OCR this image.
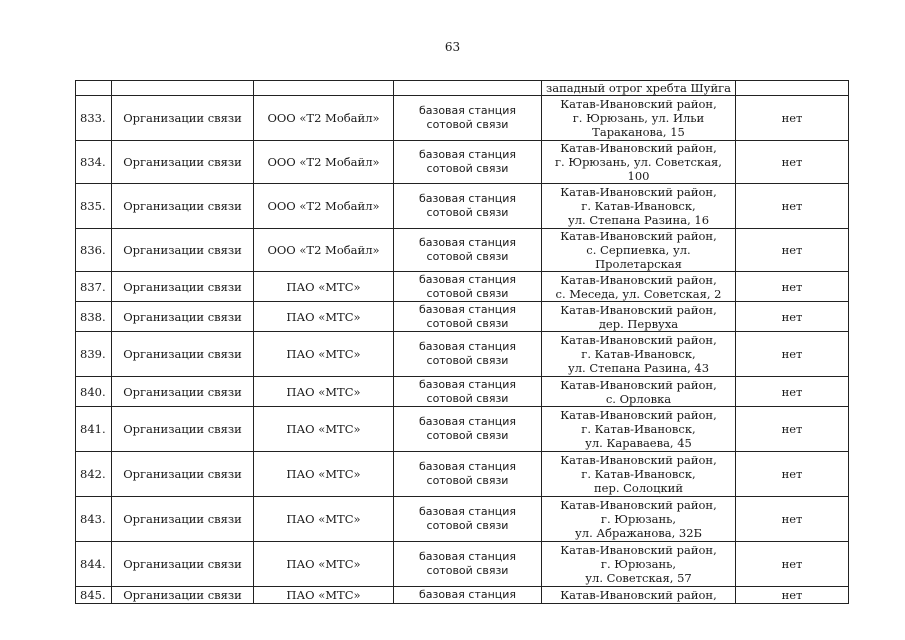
63
				западный отрог хребта Шуйга	
833.	Организации связи	ООО «Т2 Мобайл»	базовая станция
сотовой связи	Катав-Ивановский район,
г. Юрюзань, ул. Ильи
Таракaнова, 15	нет
834.	Организации связи	ООО «Т2 Мобайл»	базовая станция
сотовой связи	Катав-Ивановский район,
г. Юрюзань, ул. Советская, 100	нет
835.	Организации связи	ООО «Т2 Мобайл»	базовая станция
сотовой связи	Катав-Ивановский район,
г. Катав-Ивановск,
ул. Степана Разина, 16	нет
836.	Организации связи	ООО «Т2 Мобайл»	базовая станция
сотовой связи	Катав-Ивановский район,
с. Серпиевка, ул. Пролетарская	нет
837.	Организации связи	ПАО «МТС»	базовая станция
сотовой связи	Катав-Ивановский район,
с. Меседа, ул. Советская, 2	нет
838.	Организации связи	ПАО «МТС»	базовая станция
сотовой связи	Катав-Ивановский район,
дер. Первуха	нет
839.	Организации связи	ПАО «МТС»	базовая станция
сотовой связи	Катав-Ивановский район,
г. Катав-Ивановск,
ул. Степана Разина, 43	нет
840.	Организации связи	ПАО «МТС»	базовая станция
сотовой связи	Катав-Ивановский район,
с. Орловка	нет
841.	Организации связи	ПАО «МТС»	базовая станция
сотовой связи	Катав-Ивановский район,
г. Катав-Ивановск,
ул. Караваева, 45	нет
842.	Организации связи	ПАО «МТС»	базовая станция
сотовой связи	Катав-Ивановский район,
г. Катав-Ивановск,
пер. Солоцкий	нет
843.	Организации связи	ПАО «МТС»	базовая станция
сотовой связи	Катав-Ивановский район,
г. Юрюзань,
ул. Абражанова, 32Б	нет
844.	Организации связи	ПАО «МТС»	базовая станция
сотовой связи	Катав-Ивановский район,
г. Юрюзань,
ул. Советская, 57	нет
845.	Организации связи	ПАО «МТС»	базовая станция	Катав-Ивановский район,	нет
